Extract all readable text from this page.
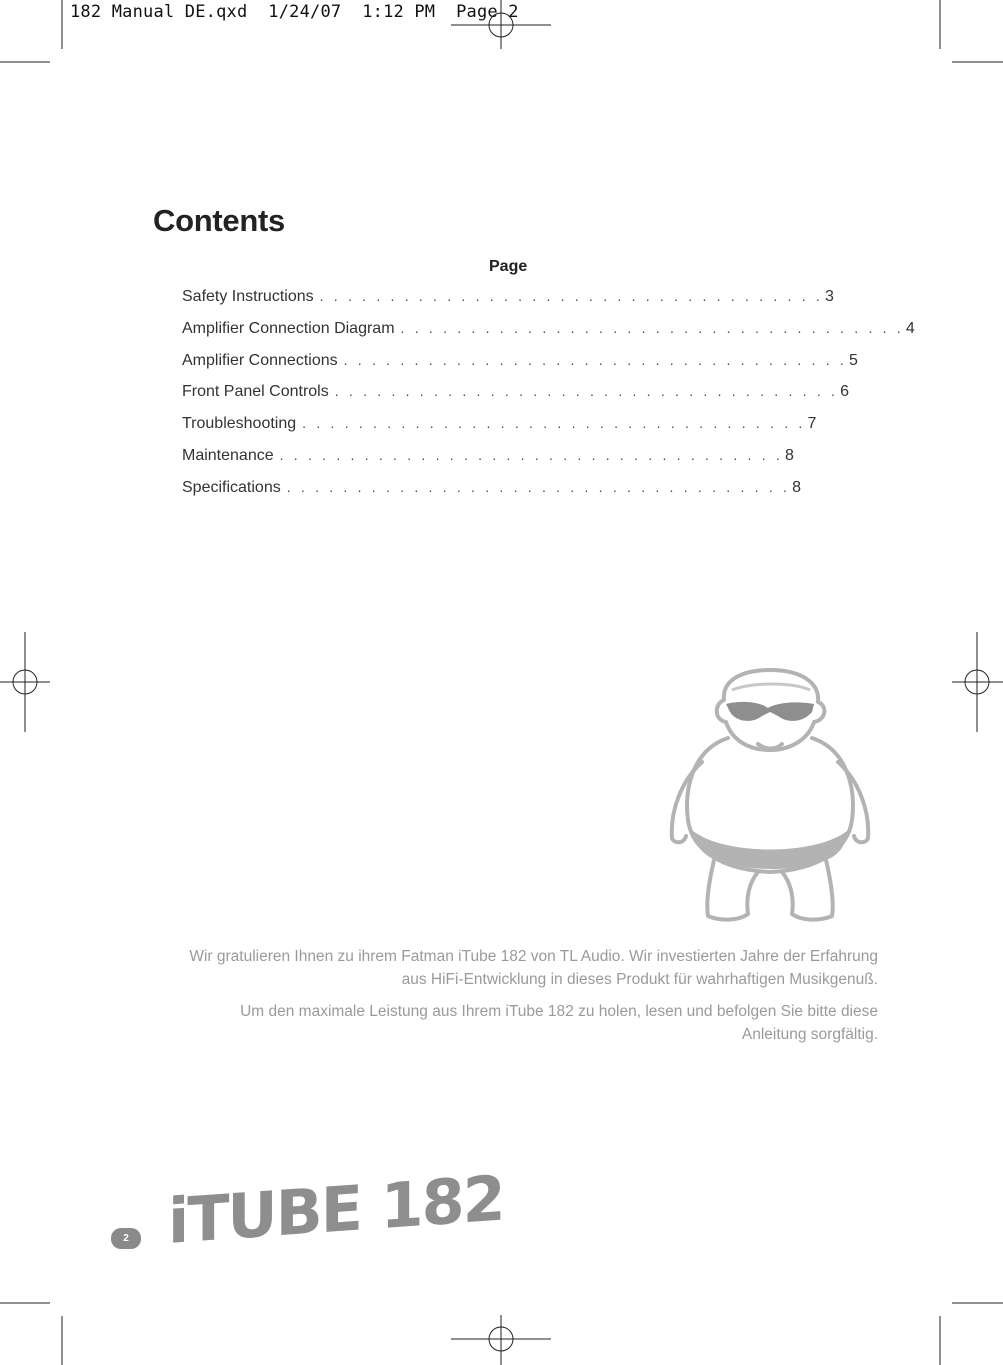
182 Manual DE.qxd 1/24/07 1:12 PM Page 2
Contents
Page
Safety Instructions . . . . . . . . . . . . . . . . . . . . . . . . . . . . . . . . . . . . 3
Amplifier Connection Diagram . . . . . . . . . . . . . . . . . . . . . . . . . . . . . . . . . . . . 4
Amplifier Connections . . . . . . . . . . . . . . . . . . . . . . . . . . . . . . . . . . . . 5
Front Panel Controls . . . . . . . . . . . . . . . . . . . . . . . . . . . . . . . . . . . . 6
Troubleshooting . . . . . . . . . . . . . . . . . . . . . . . . . . . . . . . . . . . . 7
Maintenance . . . . . . . . . . . . . . . . . . . . . . . . . . . . . . . . . . . . 8
Specifications . . . . . . . . . . . . . . . . . . . . . . . . . . . . . . . . . . . . 8
Wir gratulieren Ihnen zu ihrem Fatman iTube 182 von TL Audio. Wir investierten Jahre der Erfahrung aus HiFi-Entwicklung in dieses Produkt für wahrhaftigen Musikgenuß.
Um den maximale Leistung aus Ihrem iTube 182 zu holen, lesen und befolgen Sie bitte diese Anleitung sorgfältig.
2 iTUBE 182
